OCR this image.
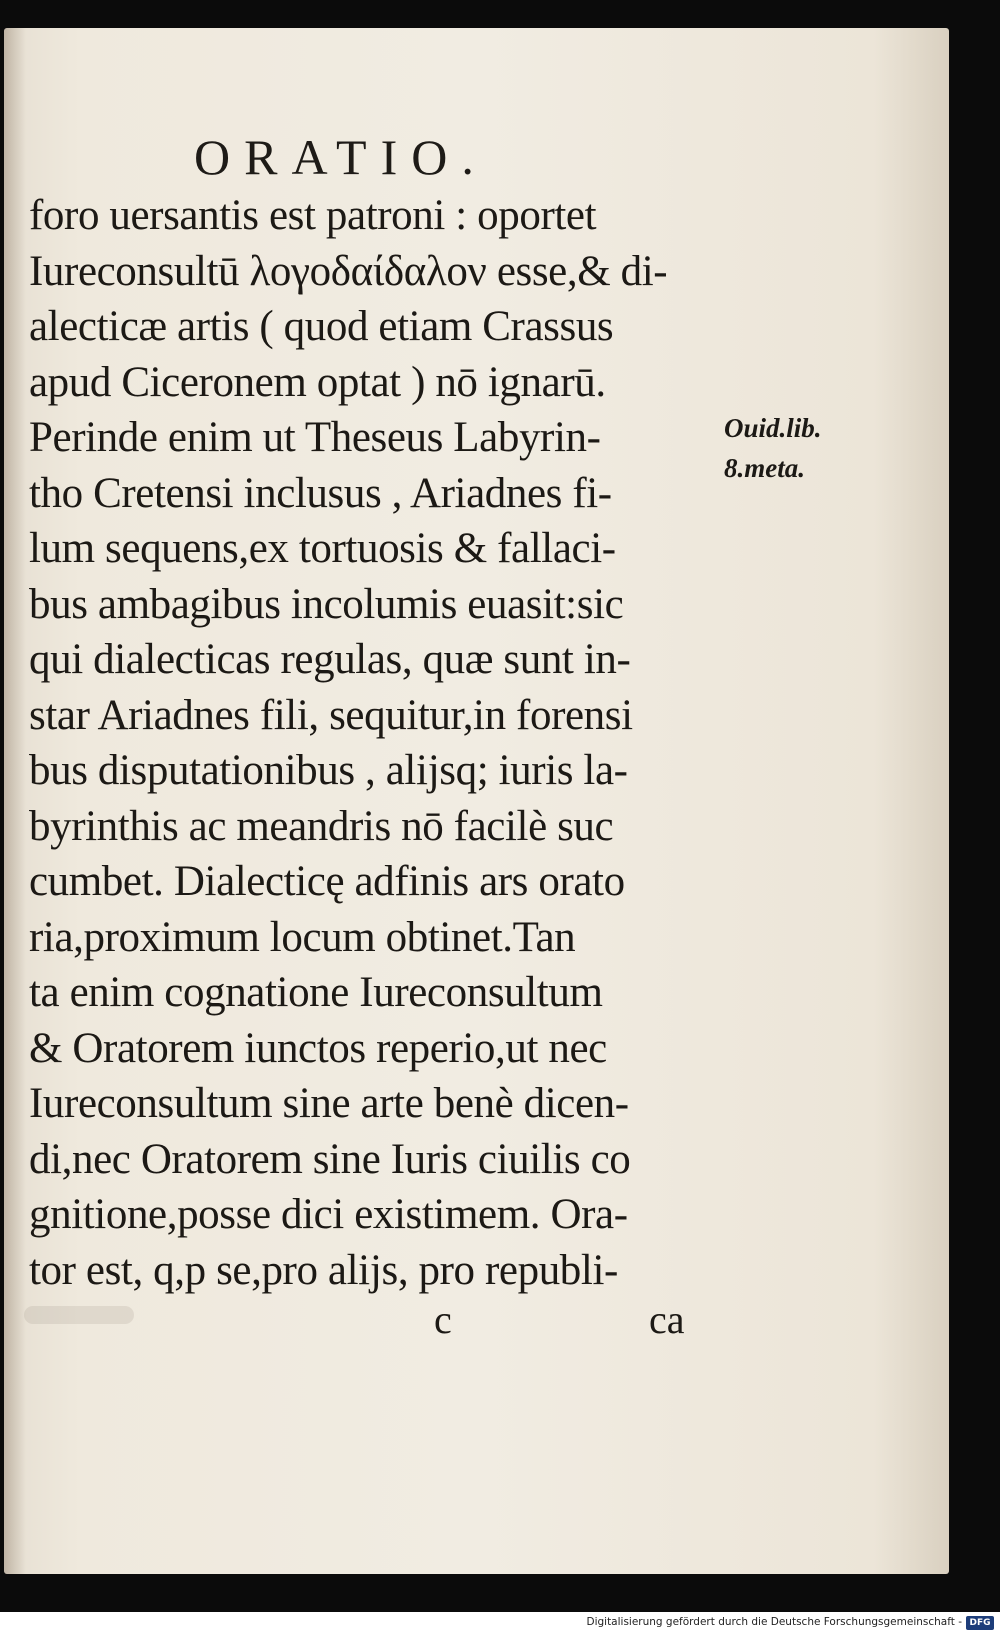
ORATIO.
foro uersantis est patroni : oportet
Iureconsultū λογοδαίδαλον esse,& di-
alecticæ artis ( quod etiam Crassus
apud Ciceronem optat ) nō ignarū.
Perinde enim ut Theseus Labyrin-
tho Cretensi inclusus , Ariadnes fi-
lum sequens,ex tortuosis & fallaci-
bus ambagibus incolumis euasit:sic
qui dialecticas regulas, quæ sunt in-
star Ariadnes fili, sequitur,in forensi
bus disputationibus , alĳsq; iuris la-
byrinthis ac meandris nō facilè suc
cumbet. Dialecticę adfinis ars orato
ria,proximum locum obtinet.Tan
ta enim cognatione Iureconsultum
& Oratorem iunctos reperio,ut nec
Iureconsultum sine arte benè dicen-
di,nec Oratorem sine Iuris ciuilis co
gnitione,posse dici existimem. Ora-
tor est, q,p se,pro alĳs, pro republi-
Ouid.lib.
8.meta.
c	ca
Digitalisierung gefördert durch die Deutsche Forschungsgemeinschaft - DFG
